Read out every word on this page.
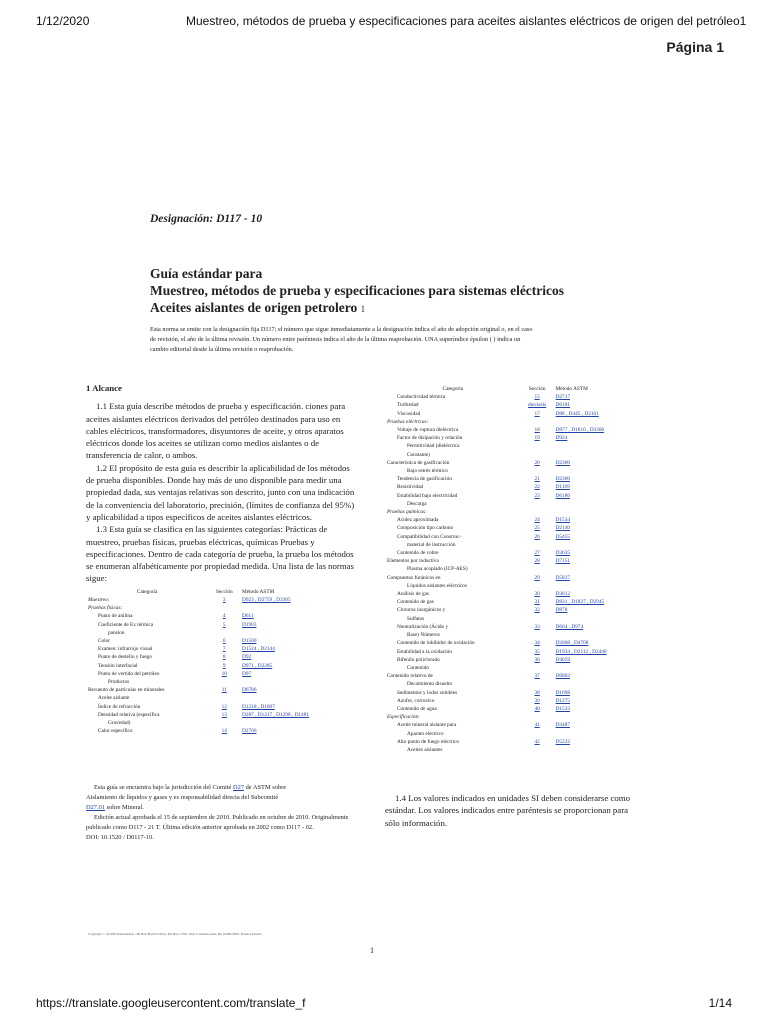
1/12/2020	Muestreo, métodos de prueba y especificaciones para aceites aislantes eléctricos de origen del petróleo1
Página 1
Designación: D117 - 10
Guía estándar para
Muestreo, métodos de prueba y especificaciones para sistemas eléctricos
Aceites aislantes de origen petrolero 1
Esta norma se emite con la designación fija D117; el número que sigue inmediatamente a la designación indica el año de adopción original o, en el caso de revisión, el año de la última revisión. Un número entre paréntesis indica el año de la última reaprobación. UNA superíndice épsilon ( ) indica un cambio editorial desde la última revisión o reaprobación.

1 Alcance

1.1 Esta guía describe métodos de prueba y especificación. ciones para aceites aislantes eléctricos derivados del petróleo destinados para uso en cables eléctricos, transformadores, disyuntores de aceite, y otros aparatos eléctricos donde los aceites se utilizan como medios aislantes o de transferencia de calor, o ambos.

1.2 El propósito de esta guía es describir la aplicabilidad de los métodos de prueba disponibles. Donde hay más de uno disponible para medir una propiedad dada, sus ventajas relativas son descrito, junto con una indicación de la conveniencia del laboratorio, precisión, (límites de confianza del 95%) y aplicabilidad a tipos específicos de aceites aislantes eléctricos.

1.3 Esta guía se clasifica en las siguientes categorías: Prácticas de muestreo, pruebas físicas, pruebas eléctricas, químicas Pruebas y especificaciones. Dentro de cada categoría de prueba, la prueba los métodos se enumeran alfabéticamente por propiedad medida. Una lista de las normas sigue:

Categoría	Sección	Método ASTM
Muestreo:	3	D923 , D2759 , D3305
Pruebas físicas:		
Punto de anilina	4	D611
Coeficiente de Ex térmica	5	D1903
pansion		
Color	6	D1500
Examen: infrarrojo visual	7	D1524 , D2144
Punto de destello y fuego	8	D92
Tensión interfacial	9	D971 , D2285
Punto de vertido del petróleo	10	D97
Productos		
Recuento de partículas en minerales	11	D6786
Aceite aislante		
Índice de refracción	12	D1218 , D1807
Densidad relativa (específica	13	D287 , D1217 , D1298 , D1481
Gravedad)		
Calor específico	14	D2766
Categoría	Sección	Método ASTM
Conductividad térmica	15	D2717
Turbiedad	dieciséis	D6181
Viscosidad	17	D88 , D445 , D2161
Pruebas eléctricas:		
Voltaje de ruptura dieléctrica	18	D877 , D1816 , D3300
Factor de disipación y relación	19	D924
Permitividad (dieléctrica		
Constante)		
Característica de gasificación	20	D2300
Bajo estrés térmico		
Tendencia de gasificación	21	D2300
Resistividad	22	D1169
Estabilidad bajo electricidad	23	D6180
Descarga		
Pruebas químicas:		
Acidez aproximada	24	D1534
Composición tipo carbono	25	D2140
Compatibilidad con Construc-	26	D5455
material de instrucción		
Contenido de cobre	27	D3635
Elementos por inductiva	28	D7151
Plasma acoplado (ICP-AES)		
Compuestos furánicos en	29	D5837
Líquidos aislantes eléctricos		
Análisis de gas	30	D3612
Contenido de gas	31	D831 , D1827 , D2945
Cloruros inorgánicos y	32	D878
Sulfatos		
Neutralización (Ácido y	33	D664 , D974
Base) Números		
Contenido de inhibidor de oxidación	34	D2668 , D4768
Estabilidad a la oxidación	35	D1934 , D2112 , D2440
Bifenilo policlorado	36	D4059
Contenido		
Contenido relativo de	37	D6802
Decaimiento disuelto		
Sedimentos y lodos solubles	38	D1698
Azufre, corrosivo	39	D1275
Contenido de agua	40	D1533
Especificación:		
Aceite mineral aislante para	41	D3487
Aparato eléctrico		
Alto punto de fuego eléctrico	42	D5222
Aceites aislantes		
Esta guía se encuentra bajo la jurisdicción del Comité D27 de ASTM sobre
Aislamiento de líquidos y gases y es responsabilidad directa del Subcomité
D27.01 sobre Mineral.
Edición actual aprobada el 15 de septiembre de 2010. Publicado en octubre de 2010. Originalmente publicado como D117 - 21 T. Última edición anterior aprobada en 2002 como D117 - 02.
DOI: 10.1520 / D0117-10.
1.4 Los valores indicados en unidades SI deben considerarse como estándar. Los valores indicados entre paréntesis se proporcionan para sólo información.
Copyright © ASTM International, 100 Barr Harbor Drive, PO Box C700, West Conshohocken, PA 19428-2959. Estados Unidos
1
https://translate.googleusercontent.com/translate_f	1/14
